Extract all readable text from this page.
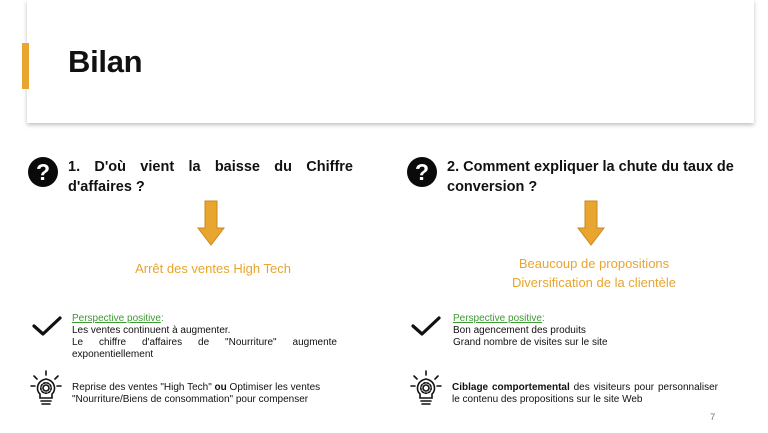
Bilan
?	1. D'où vient la baisse du Chiffre d'affaires ?
Arrêt des ventes High Tech
Perspective positive:
Les ventes continuent à augmenter.
Le chiffre d'affaires de "Nourriture" augmente exponentiellement
Reprise des ventes "High Tech" ou Optimiser les ventes "Nourriture/Biens de consommation" pour compenser
?	2. Comment expliquer la chute du taux de conversion ?
Beaucoup de propositions
Diversification de la clientèle
Perspective positive:
Bon agencement des produits
Grand nombre de visites sur le site
Ciblage comportemental des visiteurs pour personnaliser le contenu des propositions sur le site Web
7
